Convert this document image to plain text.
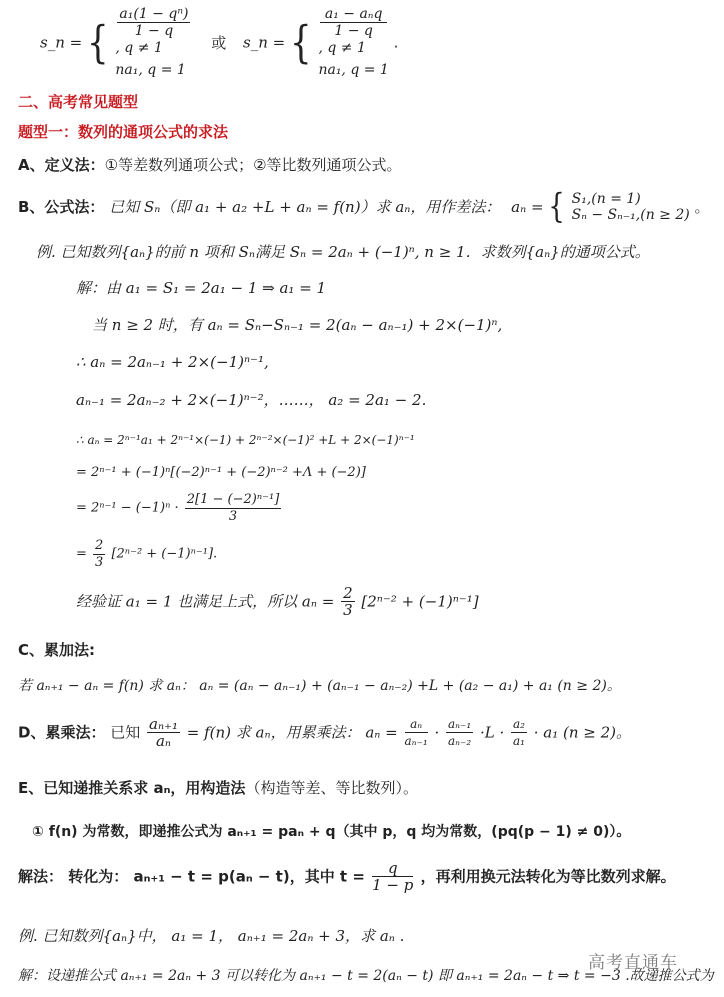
s_n = {
a₁(1 − qⁿ)
1 − q
, q ≠ 1
na₁, q = 1
或 s_n = {
a₁ − aₙq
1 − q
, q ≠ 1
na₁, q = 1
.
二、高考常见题型
题型一：数列的通项公式的求法
A、定义法：①等差数列通项公式；②等比数列通项公式。
B、公式法： 已知 Sₙ（即 a₁ + a₂ +L + aₙ = f(n)）求 aₙ，用作差法： aₙ = { S₁,(n = 1)
Sₙ − Sₙ₋₁,(n ≥ 2) 。
例. 已知数列{aₙ}的前 n 项和 Sₙ满足 Sₙ = 2aₙ + (−1)ⁿ, n ≥ 1．求数列{aₙ}的通项公式。
解：由 a₁ = S₁ = 2a₁ − 1 ⇒ a₁ = 1
当 n ≥ 2 时，有 aₙ = Sₙ−Sₙ₋₁ = 2(aₙ − aₙ₋₁) + 2×(−1)ⁿ,
∴ aₙ = 2aₙ₋₁ + 2×(−1)ⁿ⁻¹,
aₙ₋₁ = 2aₙ₋₂ + 2×(−1)ⁿ⁻²，……， a₂ = 2a₁ − 2.
∴ aₙ = 2ⁿ⁻¹a₁ + 2ⁿ⁻¹×(−1) + 2ⁿ⁻²×(−1)² +L + 2×(−1)ⁿ⁻¹
= 2ⁿ⁻¹ + (−1)ⁿ[(−2)ⁿ⁻¹ + (−2)ⁿ⁻² +Λ + (−2)]
= $2^{n-1} - (-1)^n \cdot \frac{\text{2[1 − (−2)ⁿ⁻¹]}}{3}$
= $\frac{2}{3} [2^{n-2} + (-1)^{n-1}]$.
经验证 a₁ = 1 也满足上式，所以 $a_n = \frac{2}{3} [2^{n-2} + (-1)^{n-1}]$
C、累加法:
若 aₙ₊₁ − aₙ = f(n) 求 aₙ： aₙ = (aₙ − aₙ₋₁) + (aₙ₋₁ − aₙ₋₂) +L + (a₂ − a₁) + a₁ (n ≥ 2)。
D、累乘法： 已知 $\frac{\text{aₙ₊₁}}{\text{aₙ}} = f(n)$ 求 aₙ，用累乘法： $a_n = \frac{\text{aₙ}}{\text{aₙ₋₁}} \cdot \frac{\text{aₙ₋₁}}{\text{aₙ₋₂}} \cdot L \cdot \frac{\text{a₂}}{\text{a₁}} \cdot a_1$ (n ≥ 2)。
E、已知递推关系求 aₙ，用构造法（构造等差、等比数列）。
① f(n) 为常数，即递推公式为 aₙ₊₁ = paₙ + q（其中 p，q 均为常数，(pq(p − 1) ≠ 0)）。
解法： 转化为： aₙ₊₁ − t = p(aₙ − t)，其中 $t = \frac{q}{1 - p}$ ，再利用换元法转化为等比数列求解。
例. 已知数列{aₙ}中， a₁ = 1， aₙ₊₁ = 2aₙ + 3，求 aₙ .
解：设递推公式 aₙ₊₁ = 2aₙ + 3 可以转化为 aₙ₊₁ − t = 2(aₙ − t) 即 aₙ₊₁ = 2aₙ − t ⇒ t = −3 .故递推公式为
高考直通车
